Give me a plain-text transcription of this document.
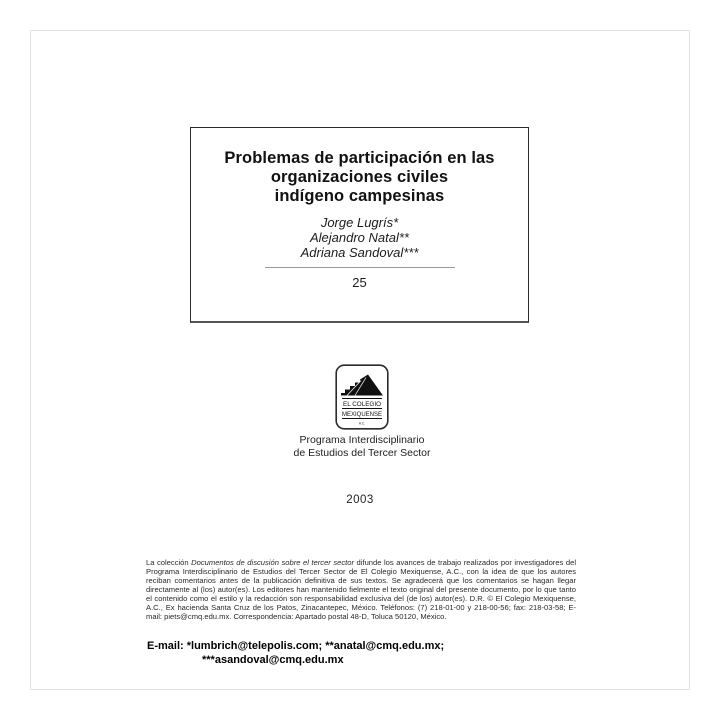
Problemas de participación en las
organizaciones civiles
indígeno campesinas
Jorge Lugrís*
Alejandro Natal**
Adriana Sandoval***
25
EL COLEGIO
MEXIQUENSE
A.C.
Programa Interdisciplinario
de Estudios del Tercer Sector
2003
La colección Documentos de discusión sobre el tercer sector difunde los avances de trabajo realizados por investigadores del Programa Interdisciplinario de Estudios del Tercer Sector de El Colegio Mexiquense, A.C., con la idea de que los autores reciban comentarios antes de la publicación definitiva de sus textos. Se agradecerá que los comentarios se hagan llegar directamente al (los) autor(es). Los editores han mantenido fielmente el texto original del presente documento, por lo que tanto el contenido como el estilo y la redacción son responsabilidad exclusiva del (de los) autor(es). D.R. © El Colegio Mexiquense, A.C., Ex hacienda Santa Cruz de los Patos, Zinacantepec, México. Teléfonos: (7) 218-01-00 y 218-00-56; fax: 218-03-58; E-mail: piets@cmq.edu.mx. Correspondencia: Apartado postal 48-D, Toluca 50120, México.
E-mail: *lumbrich@telepolis.com; **anatal@cmq.edu.mx;
***asandoval@cmq.edu.mx
